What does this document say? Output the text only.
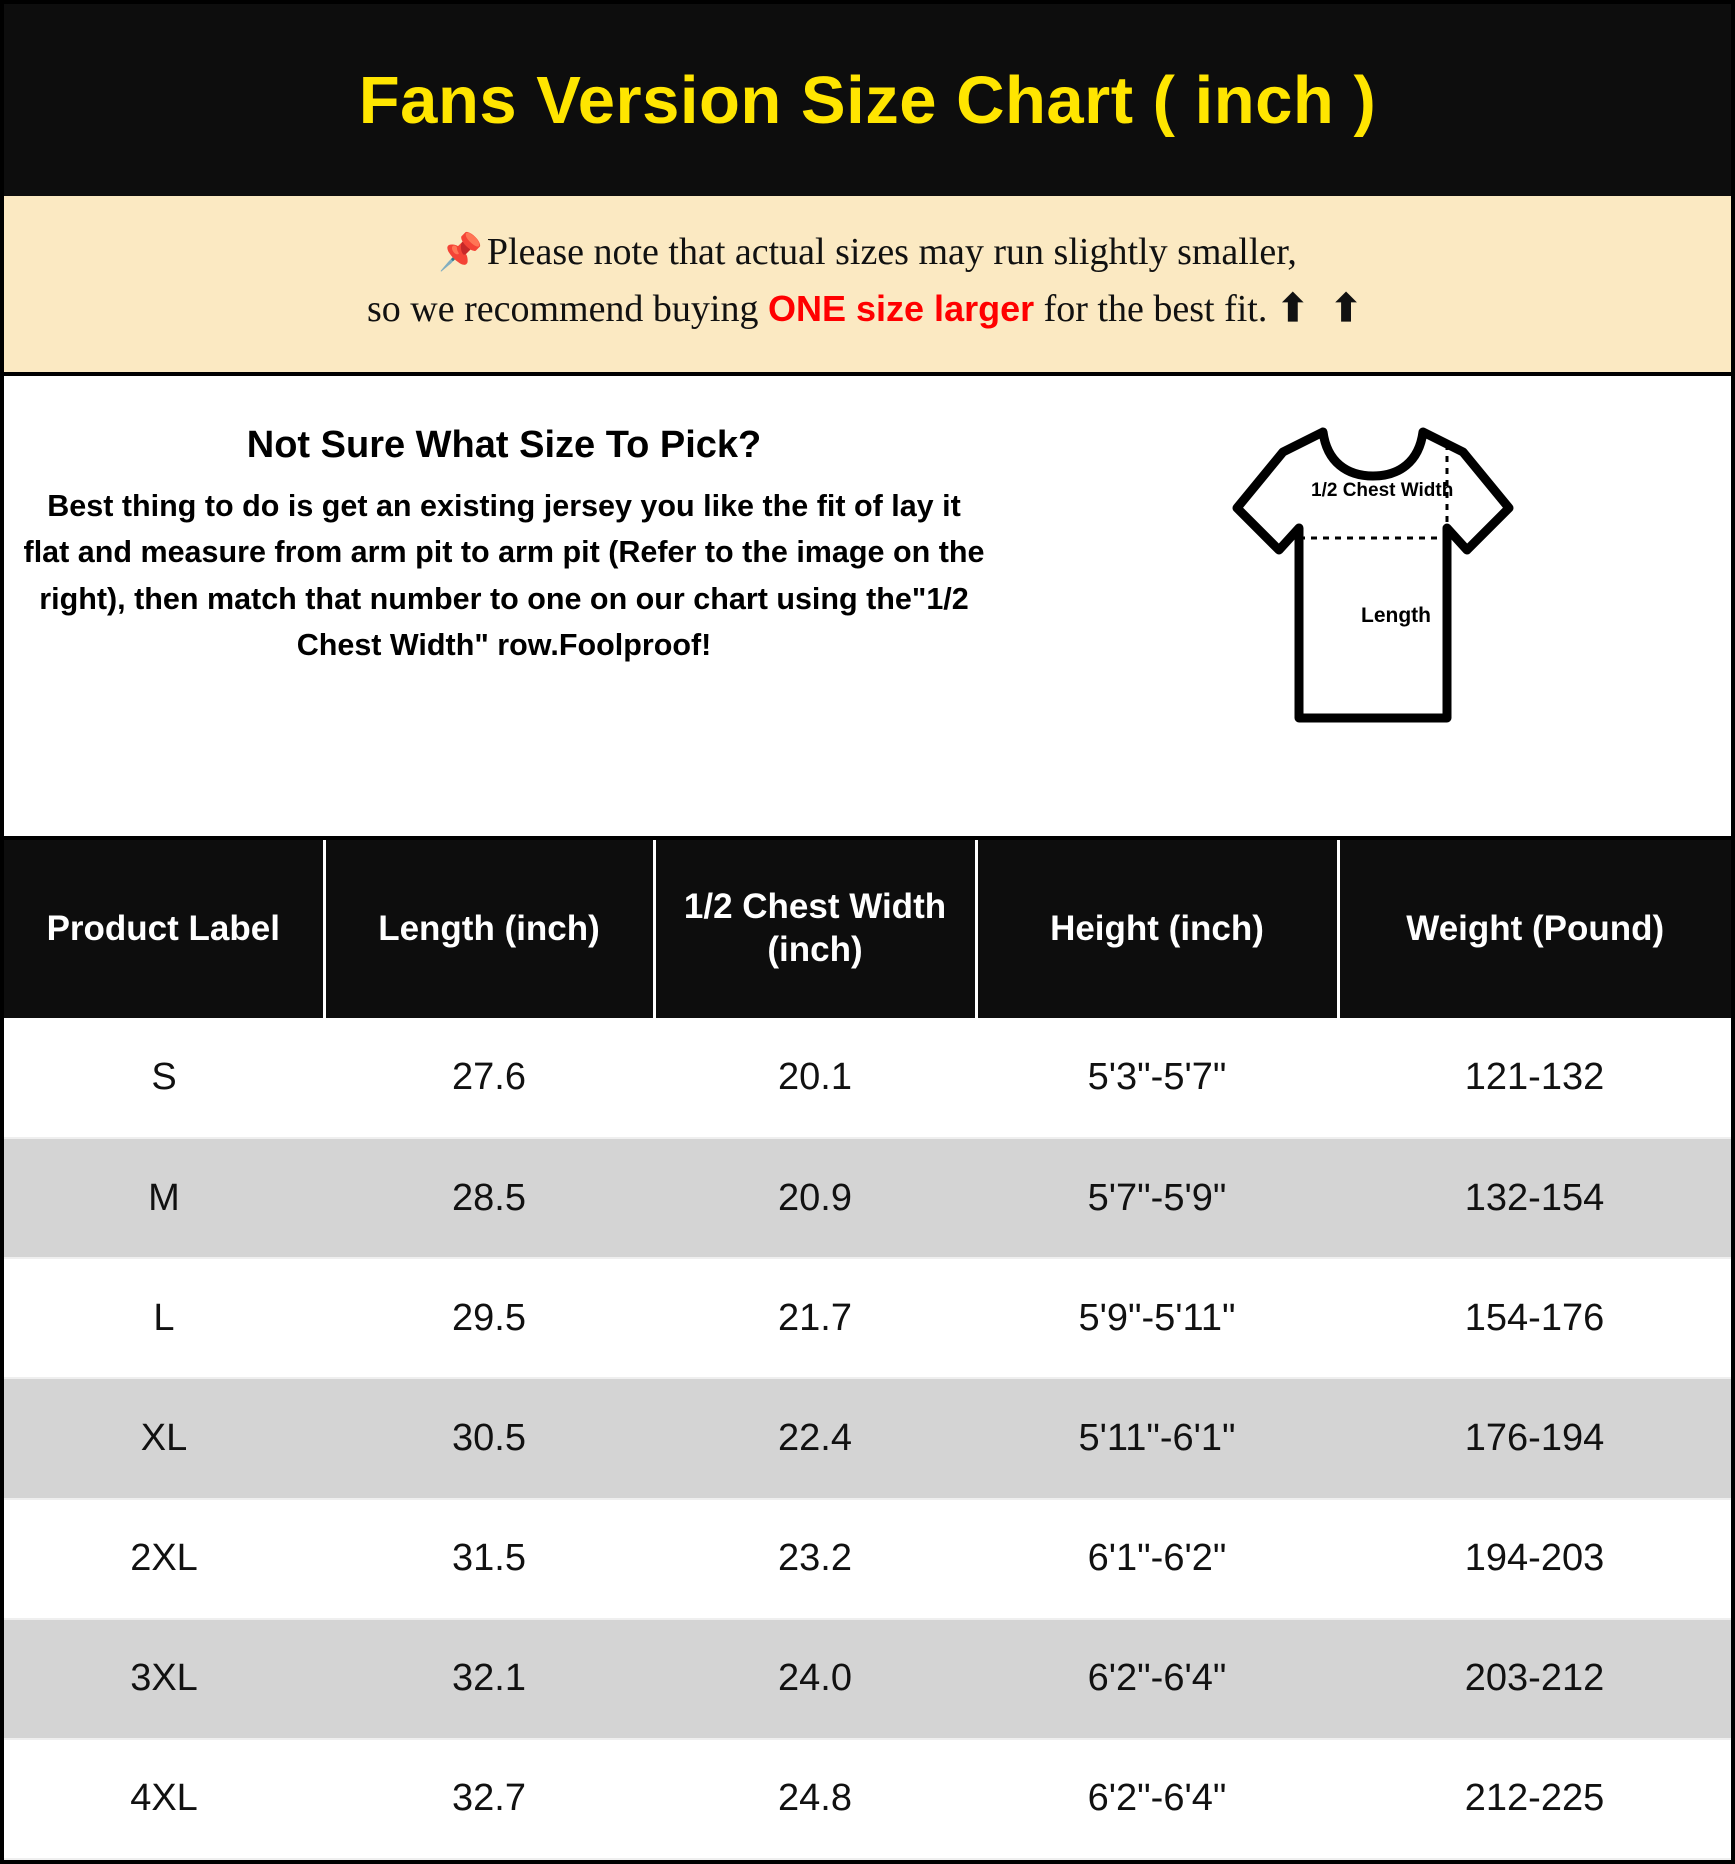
Fans Version Size Chart ( inch )
📌 Please note that actual sizes may run slightly smaller,
so we recommend buying ONE size larger for the best fit. ⬆ ⬆
Not Sure What Size To Pick?

Best thing to do is get an existing jersey you like the fit of lay it flat and measure from arm pit to arm pit (Refer to the image on the right), then match that number to one on our chart using the"1/2 Chest Width" row.Foolproof!

1/2 Chest Width
Length
Product Label	Length (inch)	1/2 Chest Width (inch)	Height (inch)	Weight (Pound)
S	27.6	20.1	5'3"-5'7"	121-132
M	28.5	20.9	5'7"-5'9"	132-154
L	29.5	21.7	5'9"-5'11"	154-176
XL	30.5	22.4	5'11"-6'1"	176-194
2XL	31.5	23.2	6'1"-6'2"	194-203
3XL	32.1	24.0	6'2"-6'4"	203-212
4XL	32.7	24.8	6'2"-6'4"	212-225
